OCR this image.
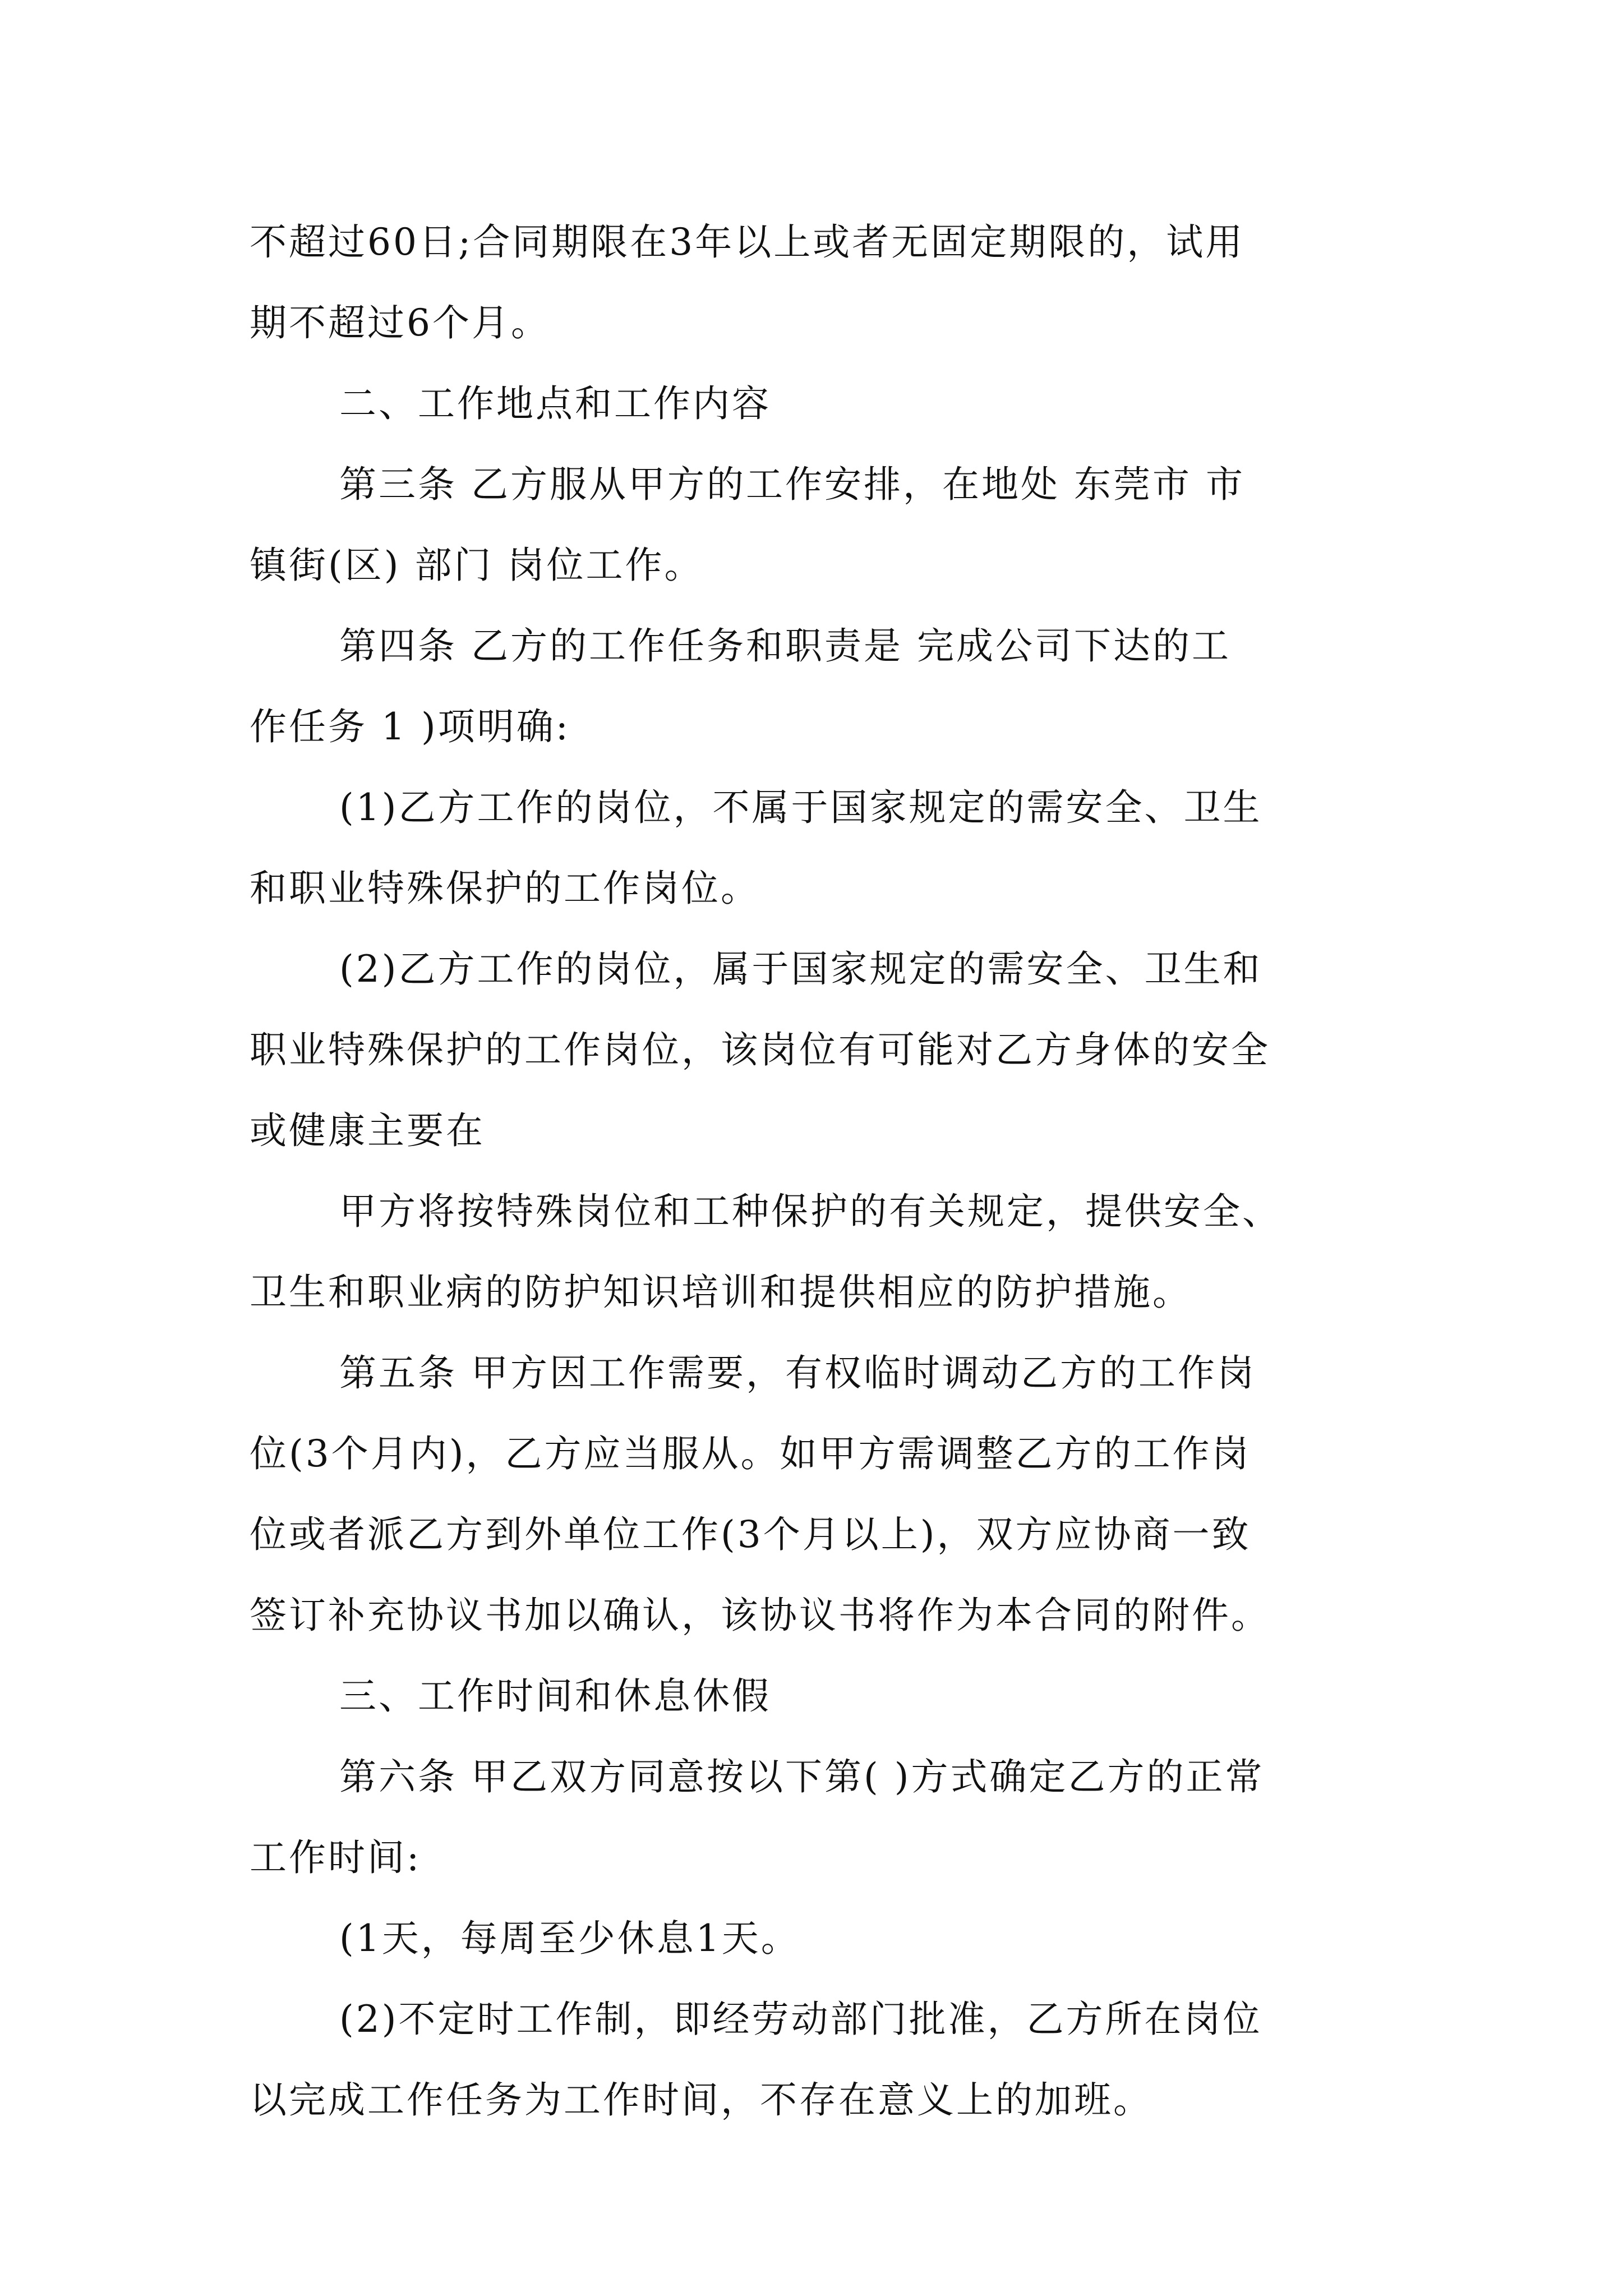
不超过60日;合同期限在3年以上或者无固定期限的，试用
期不超过6个月。
二、工作地点和工作内容
第三条 乙方服从甲方的工作安排，在地处 东莞市 市
镇街(区) 部门 岗位工作。
第四条 乙方的工作任务和职责是 完成公司下达的工
作任务 1 )项明确:
(1)乙方工作的岗位，不属于国家规定的需安全、卫生
和职业特殊保护的工作岗位。
(2)乙方工作的岗位，属于国家规定的需安全、卫生和
职业特殊保护的工作岗位，该岗位有可能对乙方身体的安全
或健康主要在
甲方将按特殊岗位和工种保护的有关规定，提供安全、
卫生和职业病的防护知识培训和提供相应的防护措施。
第五条 甲方因工作需要，有权临时调动乙方的工作岗
位(3个月内)，乙方应当服从。如甲方需调整乙方的工作岗
位或者派乙方到外单位工作(3个月以上)，双方应协商一致
签订补充协议书加以确认，该协议书将作为本合同的附件。
三、工作时间和休息休假
第六条 甲乙双方同意按以下第( )方式确定乙方的正常
工作时间:
(1天，每周至少休息1天。
(2)不定时工作制，即经劳动部门批准，乙方所在岗位
以完成工作任务为工作时间，不存在意义上的加班。
